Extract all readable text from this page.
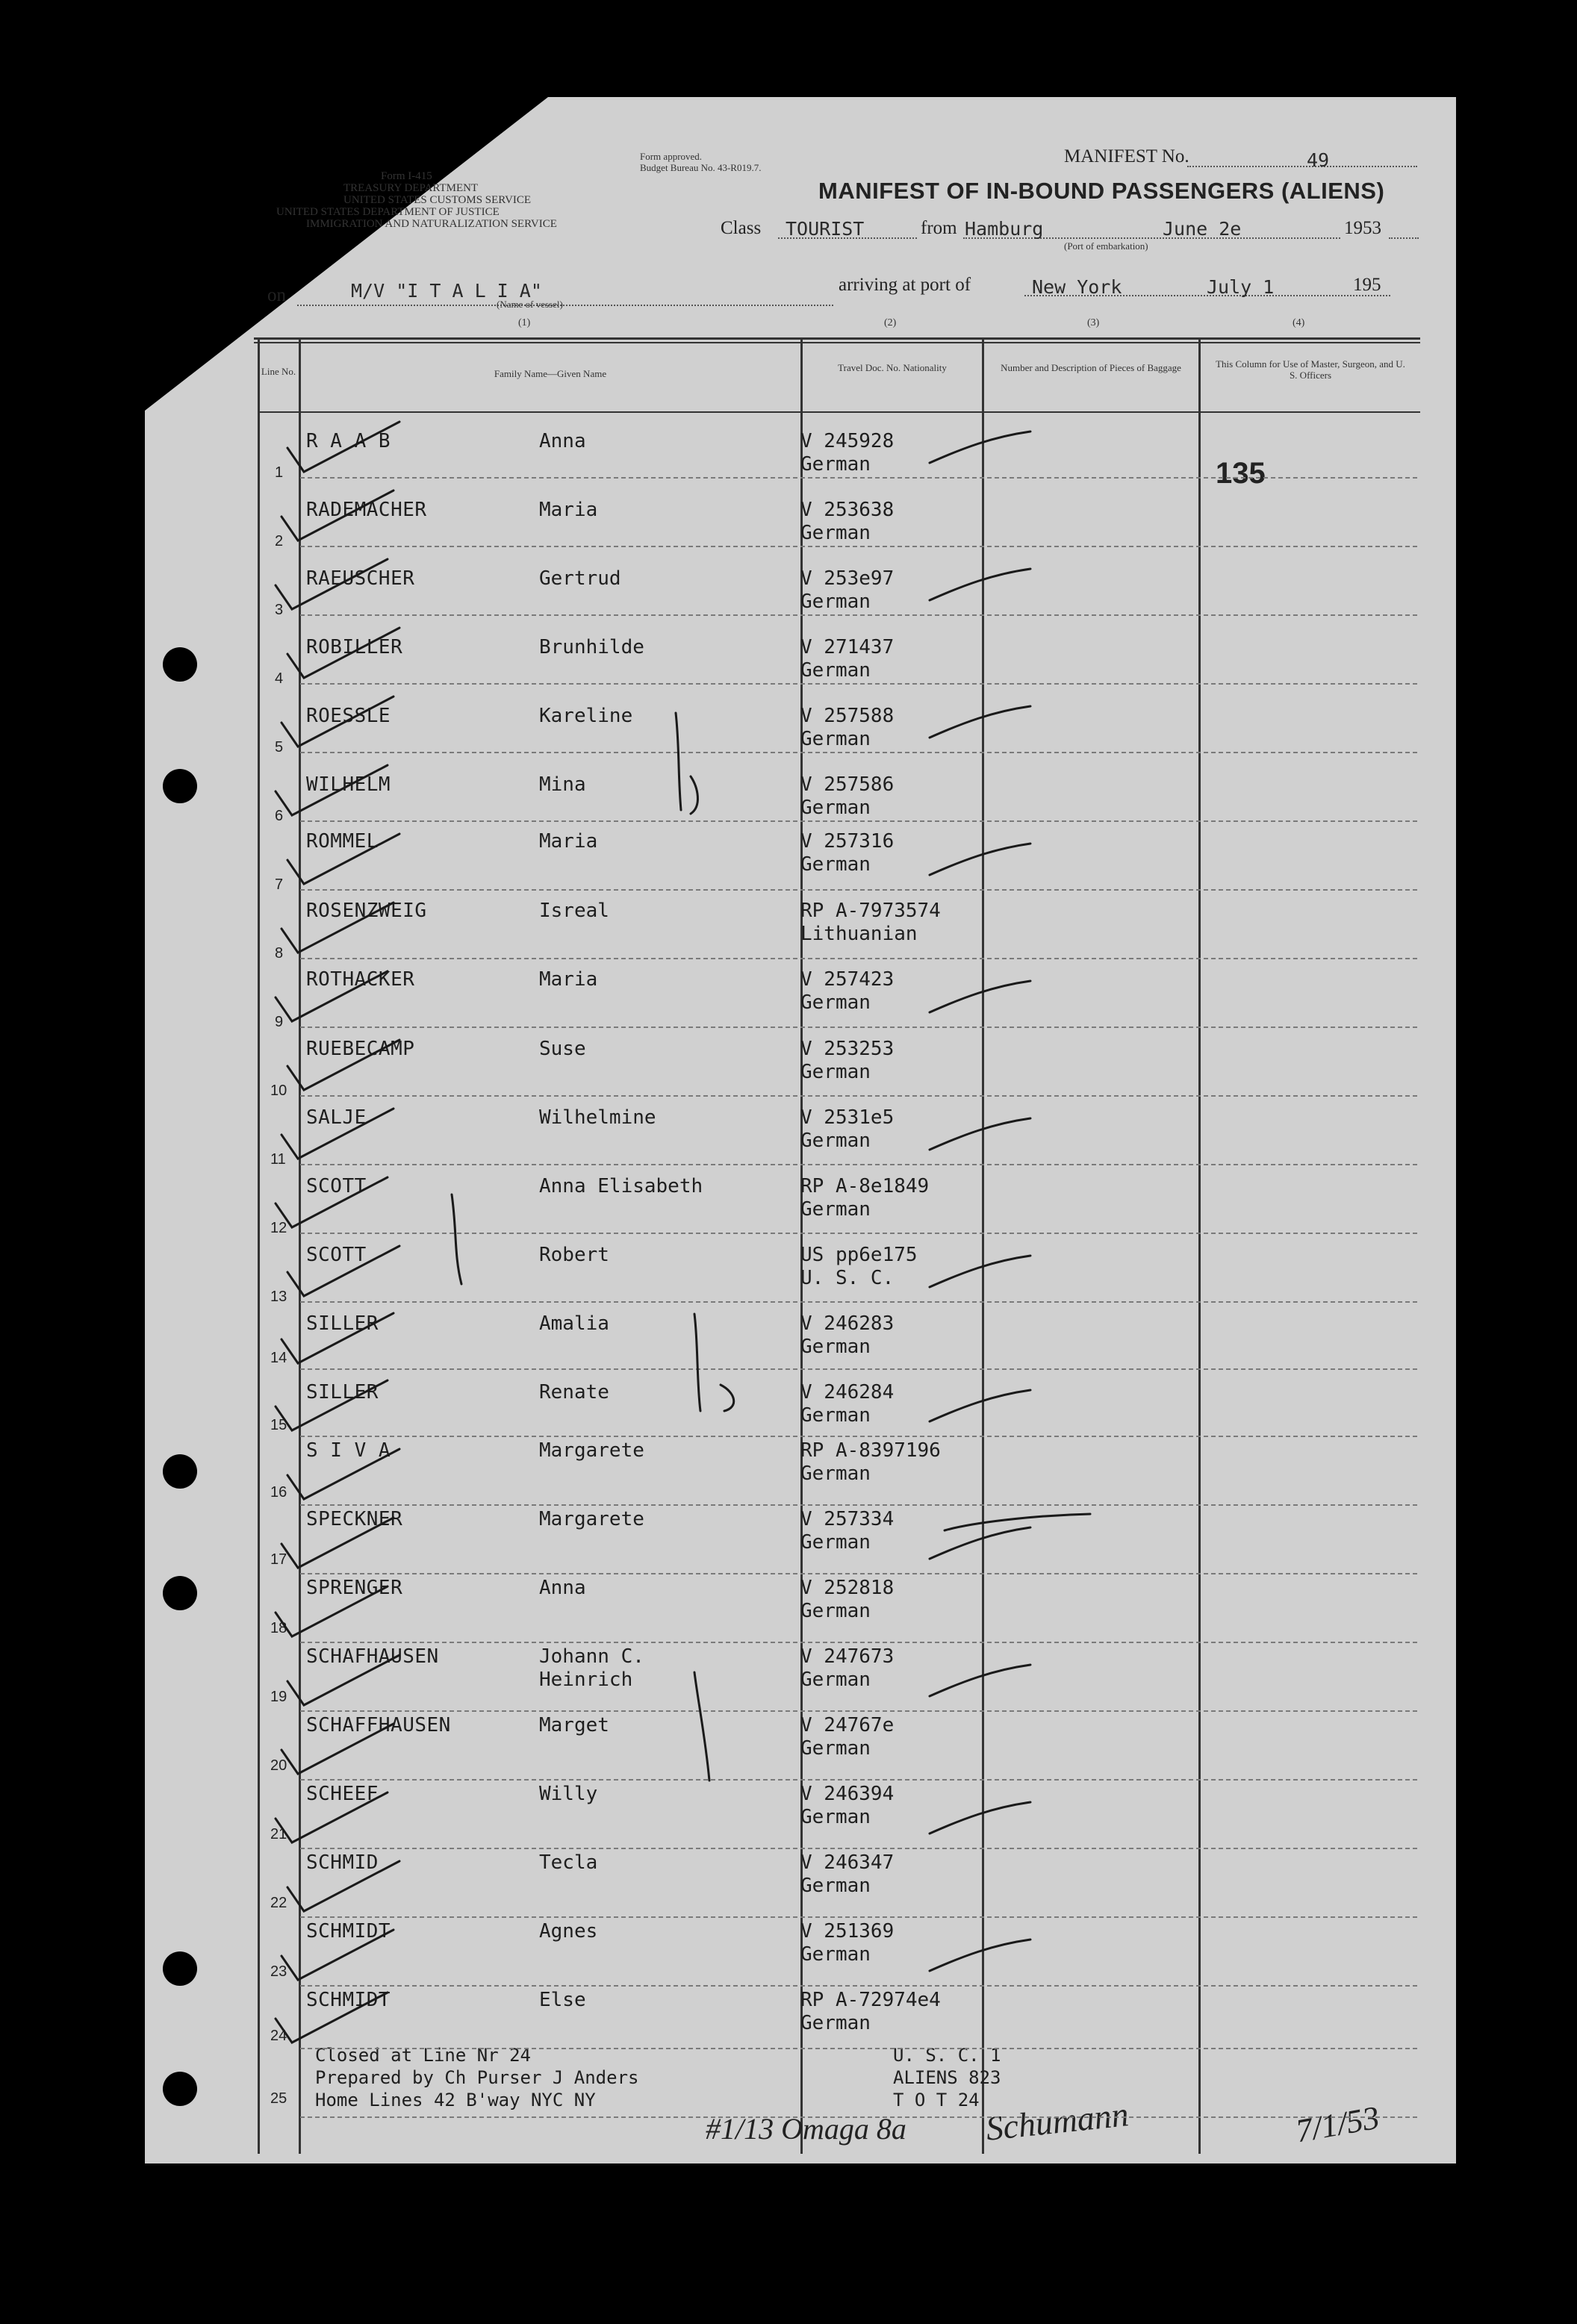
Form I-415
TREASURY DEPARTMENT
UNITED STATES CUSTOMS SERVICE
UNITED STATES DEPARTMENT OF JUSTICE
IMMIGRATION AND NATURALIZATION SERVICE
Form approved.
Budget Bureau No. 43-R019.7.
MANIFEST No.	49
MANIFEST OF IN-BOUND PASSENGERS (ALIENS)
Class TOURIST	from Hamburg	June 2e	1953
(Port of embarkation)
on	M/V "I T A L I A"
(Name of vessel)
arriving at port of	New York	July 1	195
(1)	(2)	(3)	(4)
Line No.	Family Name—Given Name
Travel Doc. No. Nationality	Number and Description of Pieces of Baggage	This Column for Use of Master, Surgeon, and U. S. Officers
135
1
R A A B	Anna	V 245928
German
2
RADEMACHER	Maria	V 253638
German
3
RAEUSCHER	Gertrud	V 253e97
German
4
ROBILLER	Brunhilde	V 271437
German
5
ROESSLE	Kareline	V 257588
German
6
WILHELM	Mina	V 257586
German
7
ROMMEL	Maria	V 257316
German
8
ROSENZWEIG	Isreal	RP A-7973574
Lithuanian
9
ROTHACKER	Maria	V 257423
German
10
RUEBECAMP	Suse	V 253253
German
11
SALJE	Wilhelmine	V 2531e5
German
12
SCOTT	Anna Elisabeth	RP A-8e1849
German
13
SCOTT	Robert	US pp6e175
U. S. C.
14
SILLER	Amalia	V 246283
German
15
SILLER	Renate	V 246284
German
16
S I V A	Margarete	RP A-8397196
German
17
SPECKNER	Margarete	V 257334
German
18
SPRENGER	Anna	V 252818
German
19
SCHAFHAUSEN	Johann C.
Heinrich
V 247673
German
20
SCHAFFHAUSEN	Marget	V 24767e
German
21
SCHEEF	Willy	V 246394
German
22
SCHMID	Tecla	V 246347
German
23
SCHMIDT	Agnes	V 251369
German
24
SCHMIDT	Else	RP A-72974e4
German
25
Closed at Line Nr 24
Prepared by Ch Purser J Anders
Home Lines 42 B'way NYC NY
U. S. C. 1
ALIENS 823
T O T 24
#1/13 Omaga 8a Schumann	7/1/53
